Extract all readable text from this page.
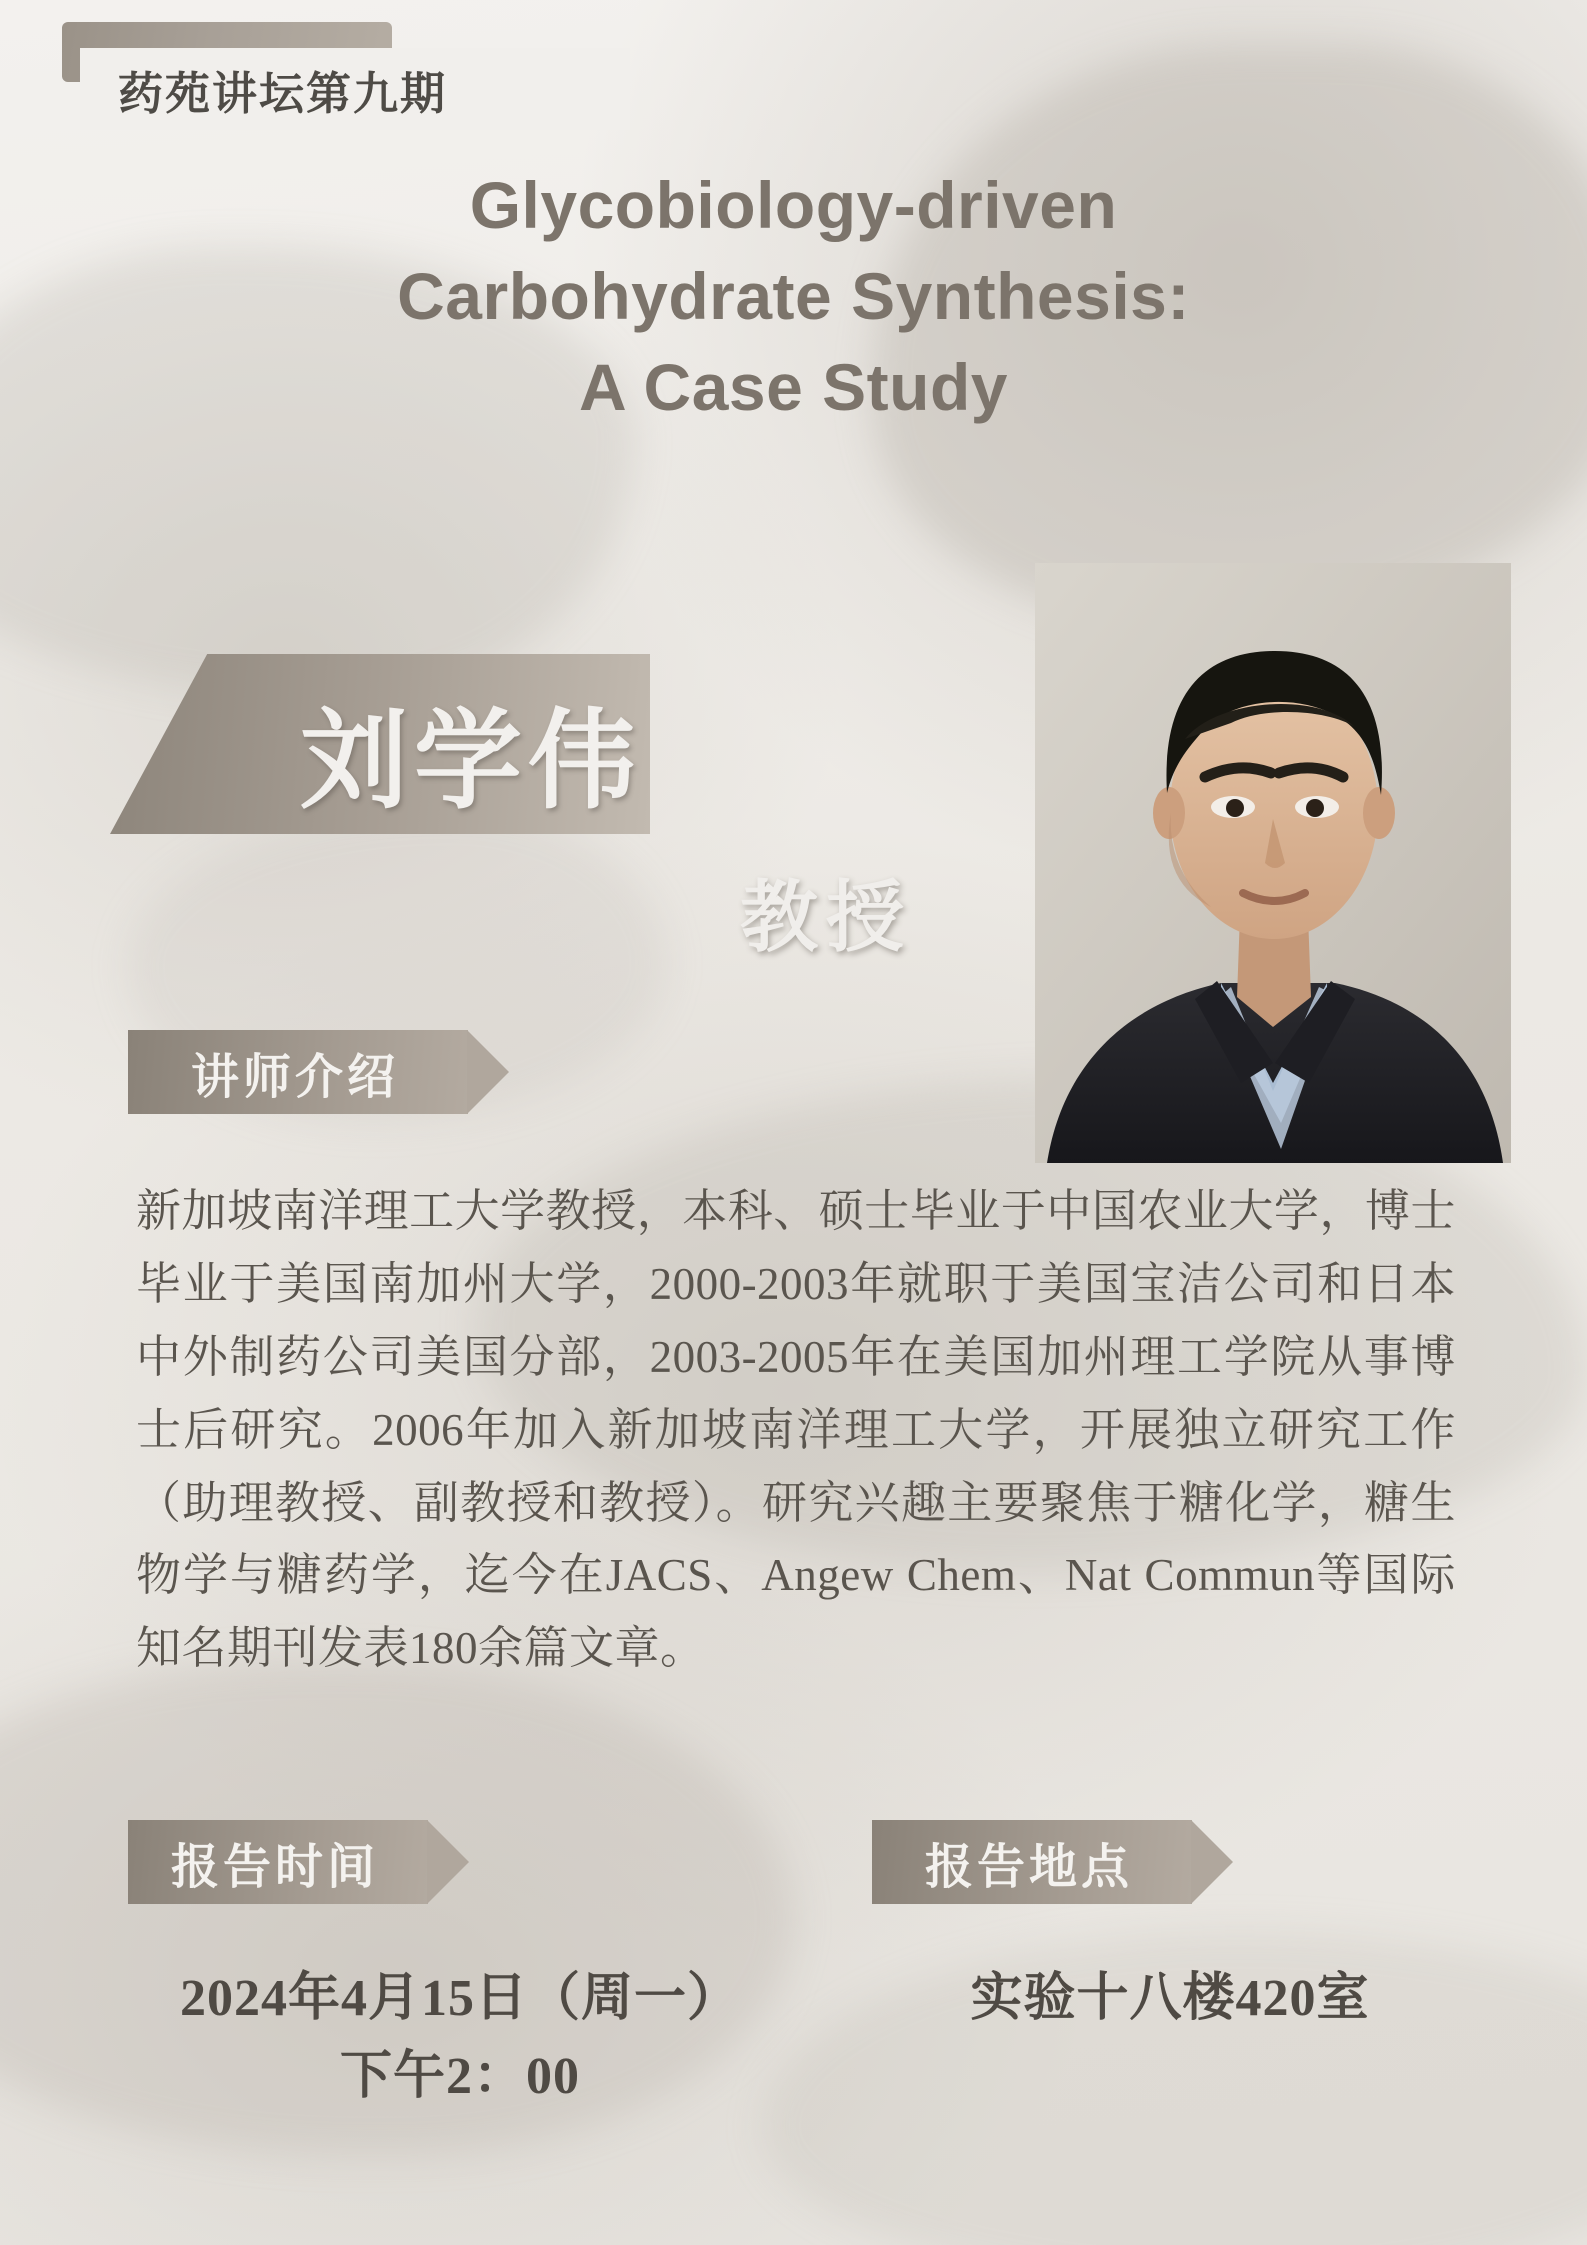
药苑讲坛第九期
Glycobiology-driven
Carbohydrate Synthesis:
A Case Study
刘学伟
教授
讲师介绍
新加坡南洋理工大学教授，本科、硕士毕业于中国农业大学，博士毕业于美国南加州大学，2000-2003年就职于美国宝洁公司和日本中外制药公司美国分部，2003-2005年在美国加州理工学院从事博士后研究。2006年加入新加坡南洋理工大学，开展独立研究工作（助理教授、副教授和教授）。研究兴趣主要聚焦于糖化学，糖生物学与糖药学，迄今在JACS、Angew Chem、Nat Commun等国际知名期刊发表180余篇文章。
报告时间	报告地点
2024年4月15日（周一）
下午2：00
实验十八楼420室
